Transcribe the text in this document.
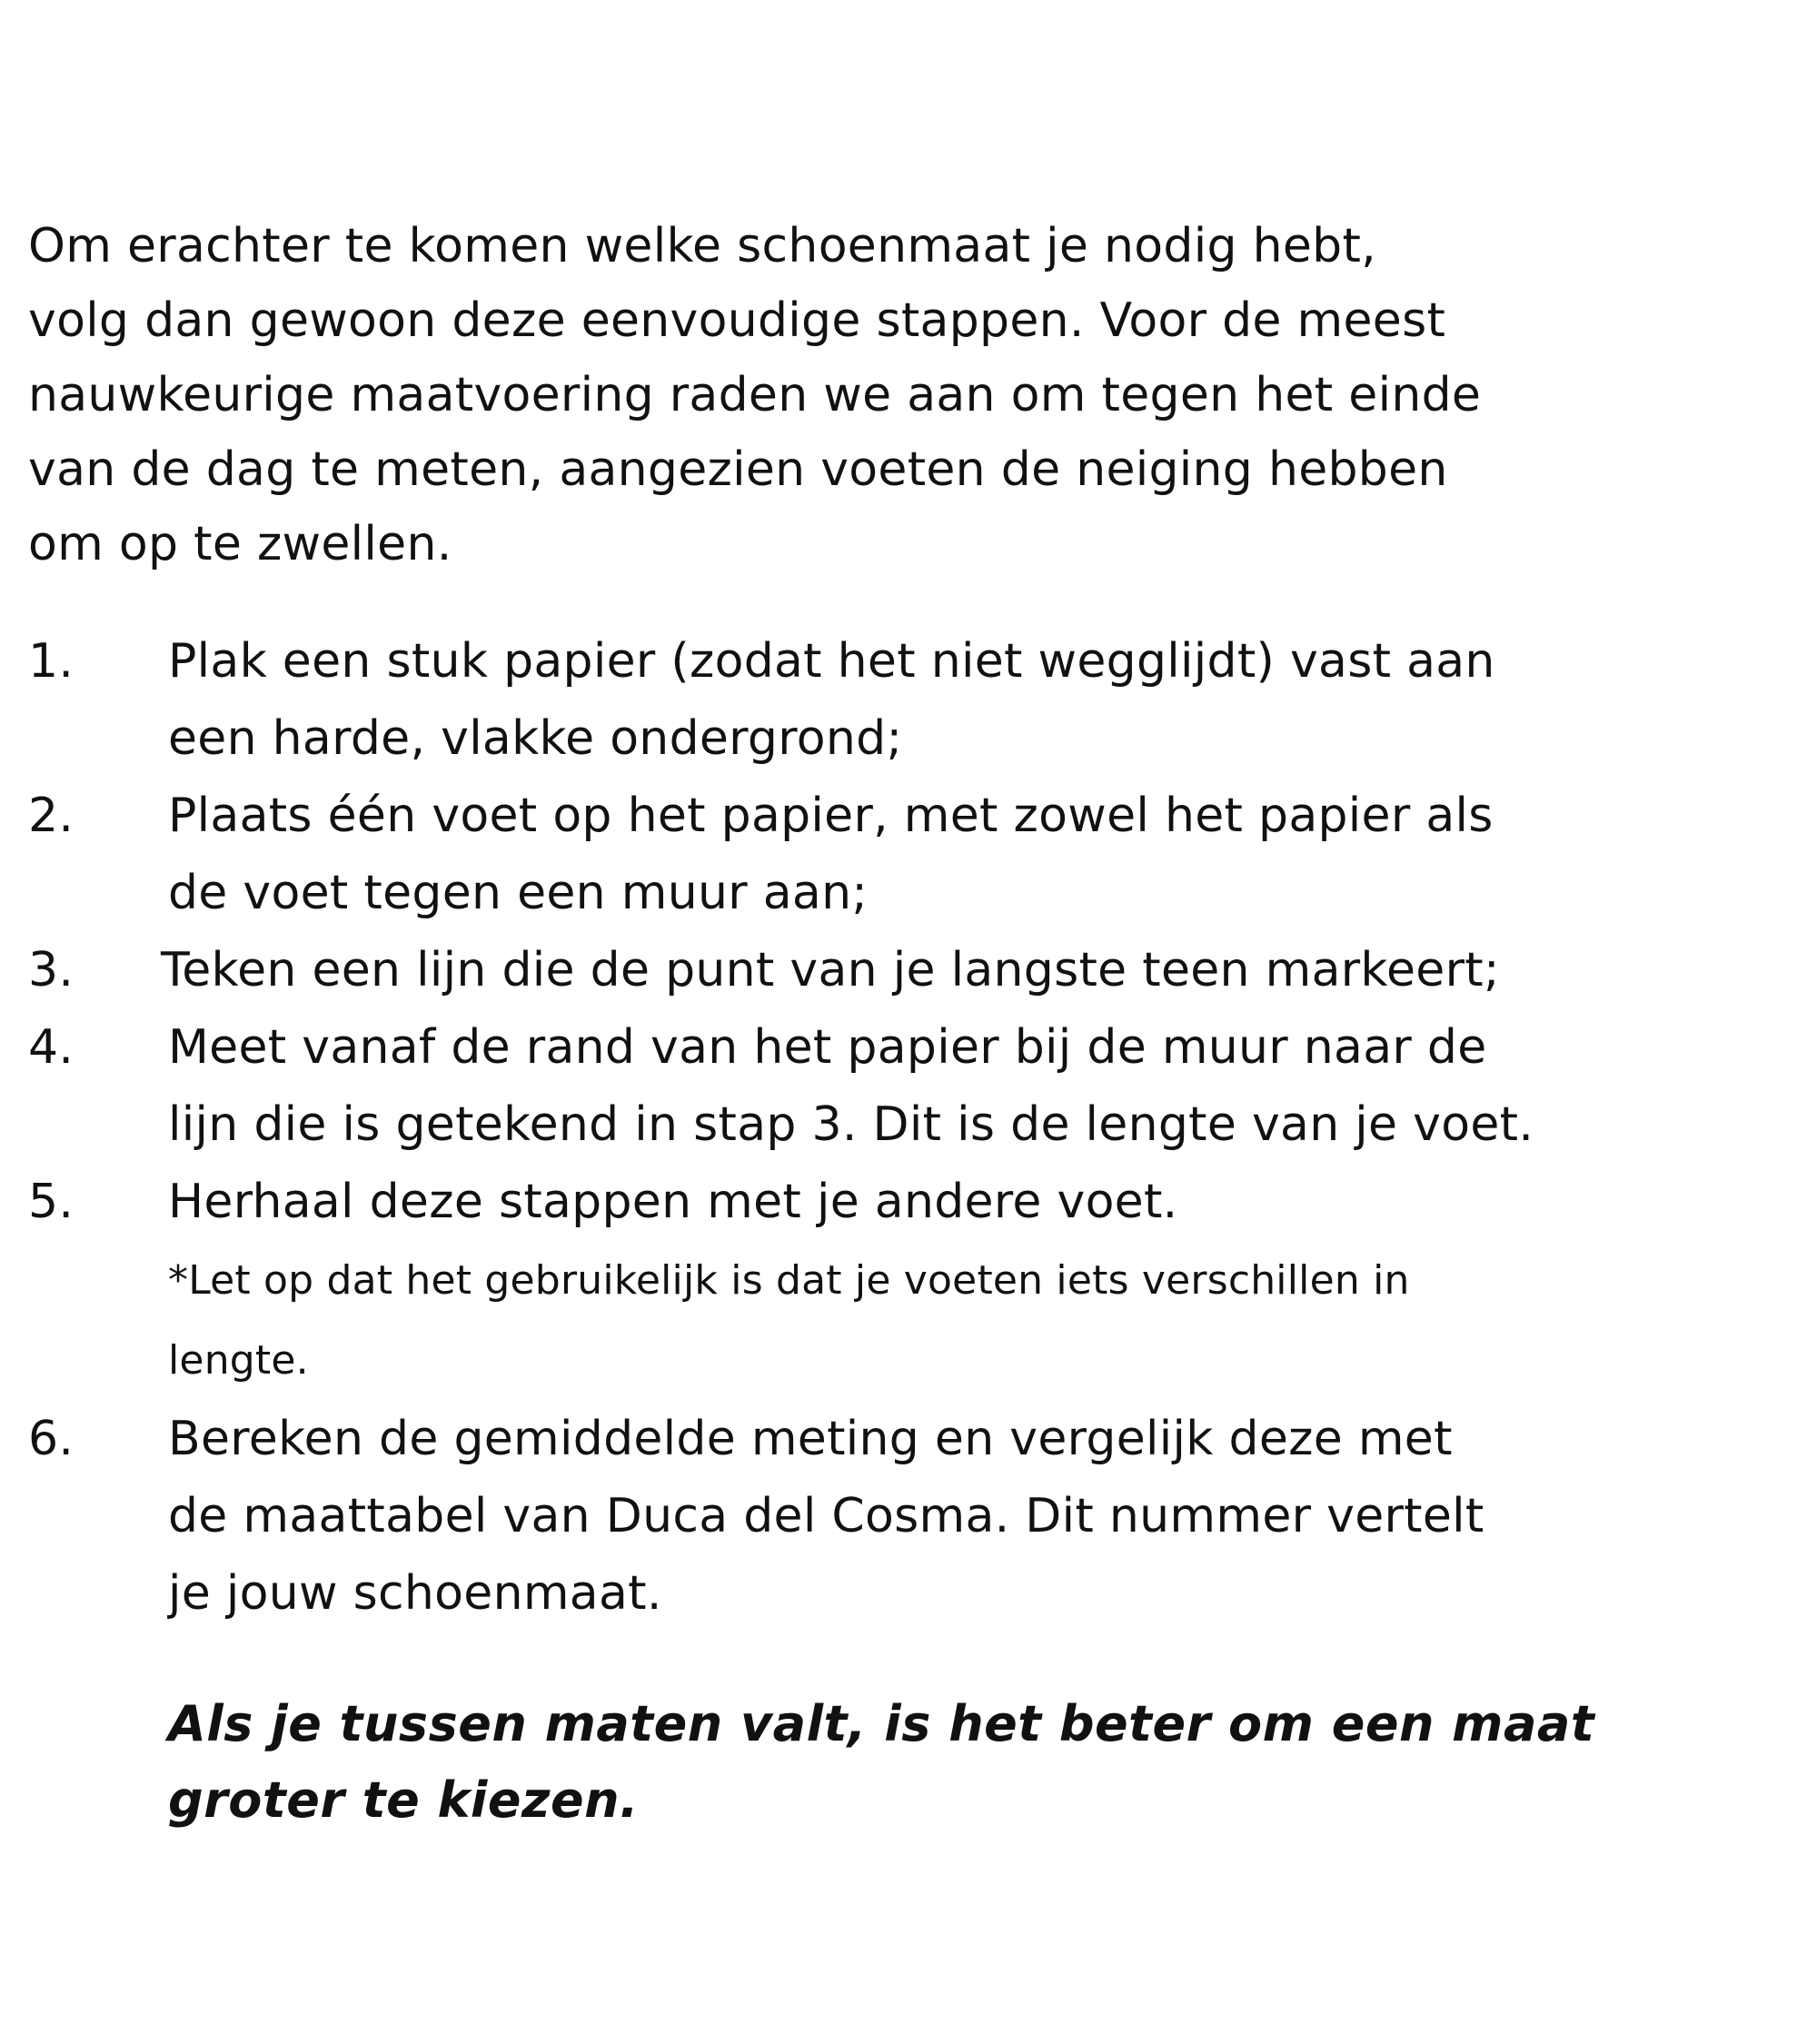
Om erachter te komen welke schoenmaat je nodig hebt,
volg dan gewoon deze eenvoudige stappen. Voor de meest
nauwkeurige maatvoering raden we aan om tegen het einde
van de dag te meten, aangezien voeten de neiging hebben
om op te zwellen.
1. Plak een stuk papier (zodat het niet wegglijdt) vast aan
een harde, vlakke ondergrond;
2. Plaats één voet op het papier, met zowel het papier als
de voet tegen een muur aan;
3. Teken een lijn die de punt van je langste teen markeert;
4. Meet vanaf de rand van het papier bij de muur naar de
lijn die is getekend in stap 3. Dit is de lengte van je voet.
5. Herhaal deze stappen met je andere voet.
*Let op dat het gebruikelijk is dat je voeten iets verschillen in
lengte.
6. Bereken de gemiddelde meting en vergelijk deze met
de maattabel van Duca del Cosma. Dit nummer vertelt
je jouw schoenmaat.
Als je tussen maten valt, is het beter om een maat
groter te kiezen.
